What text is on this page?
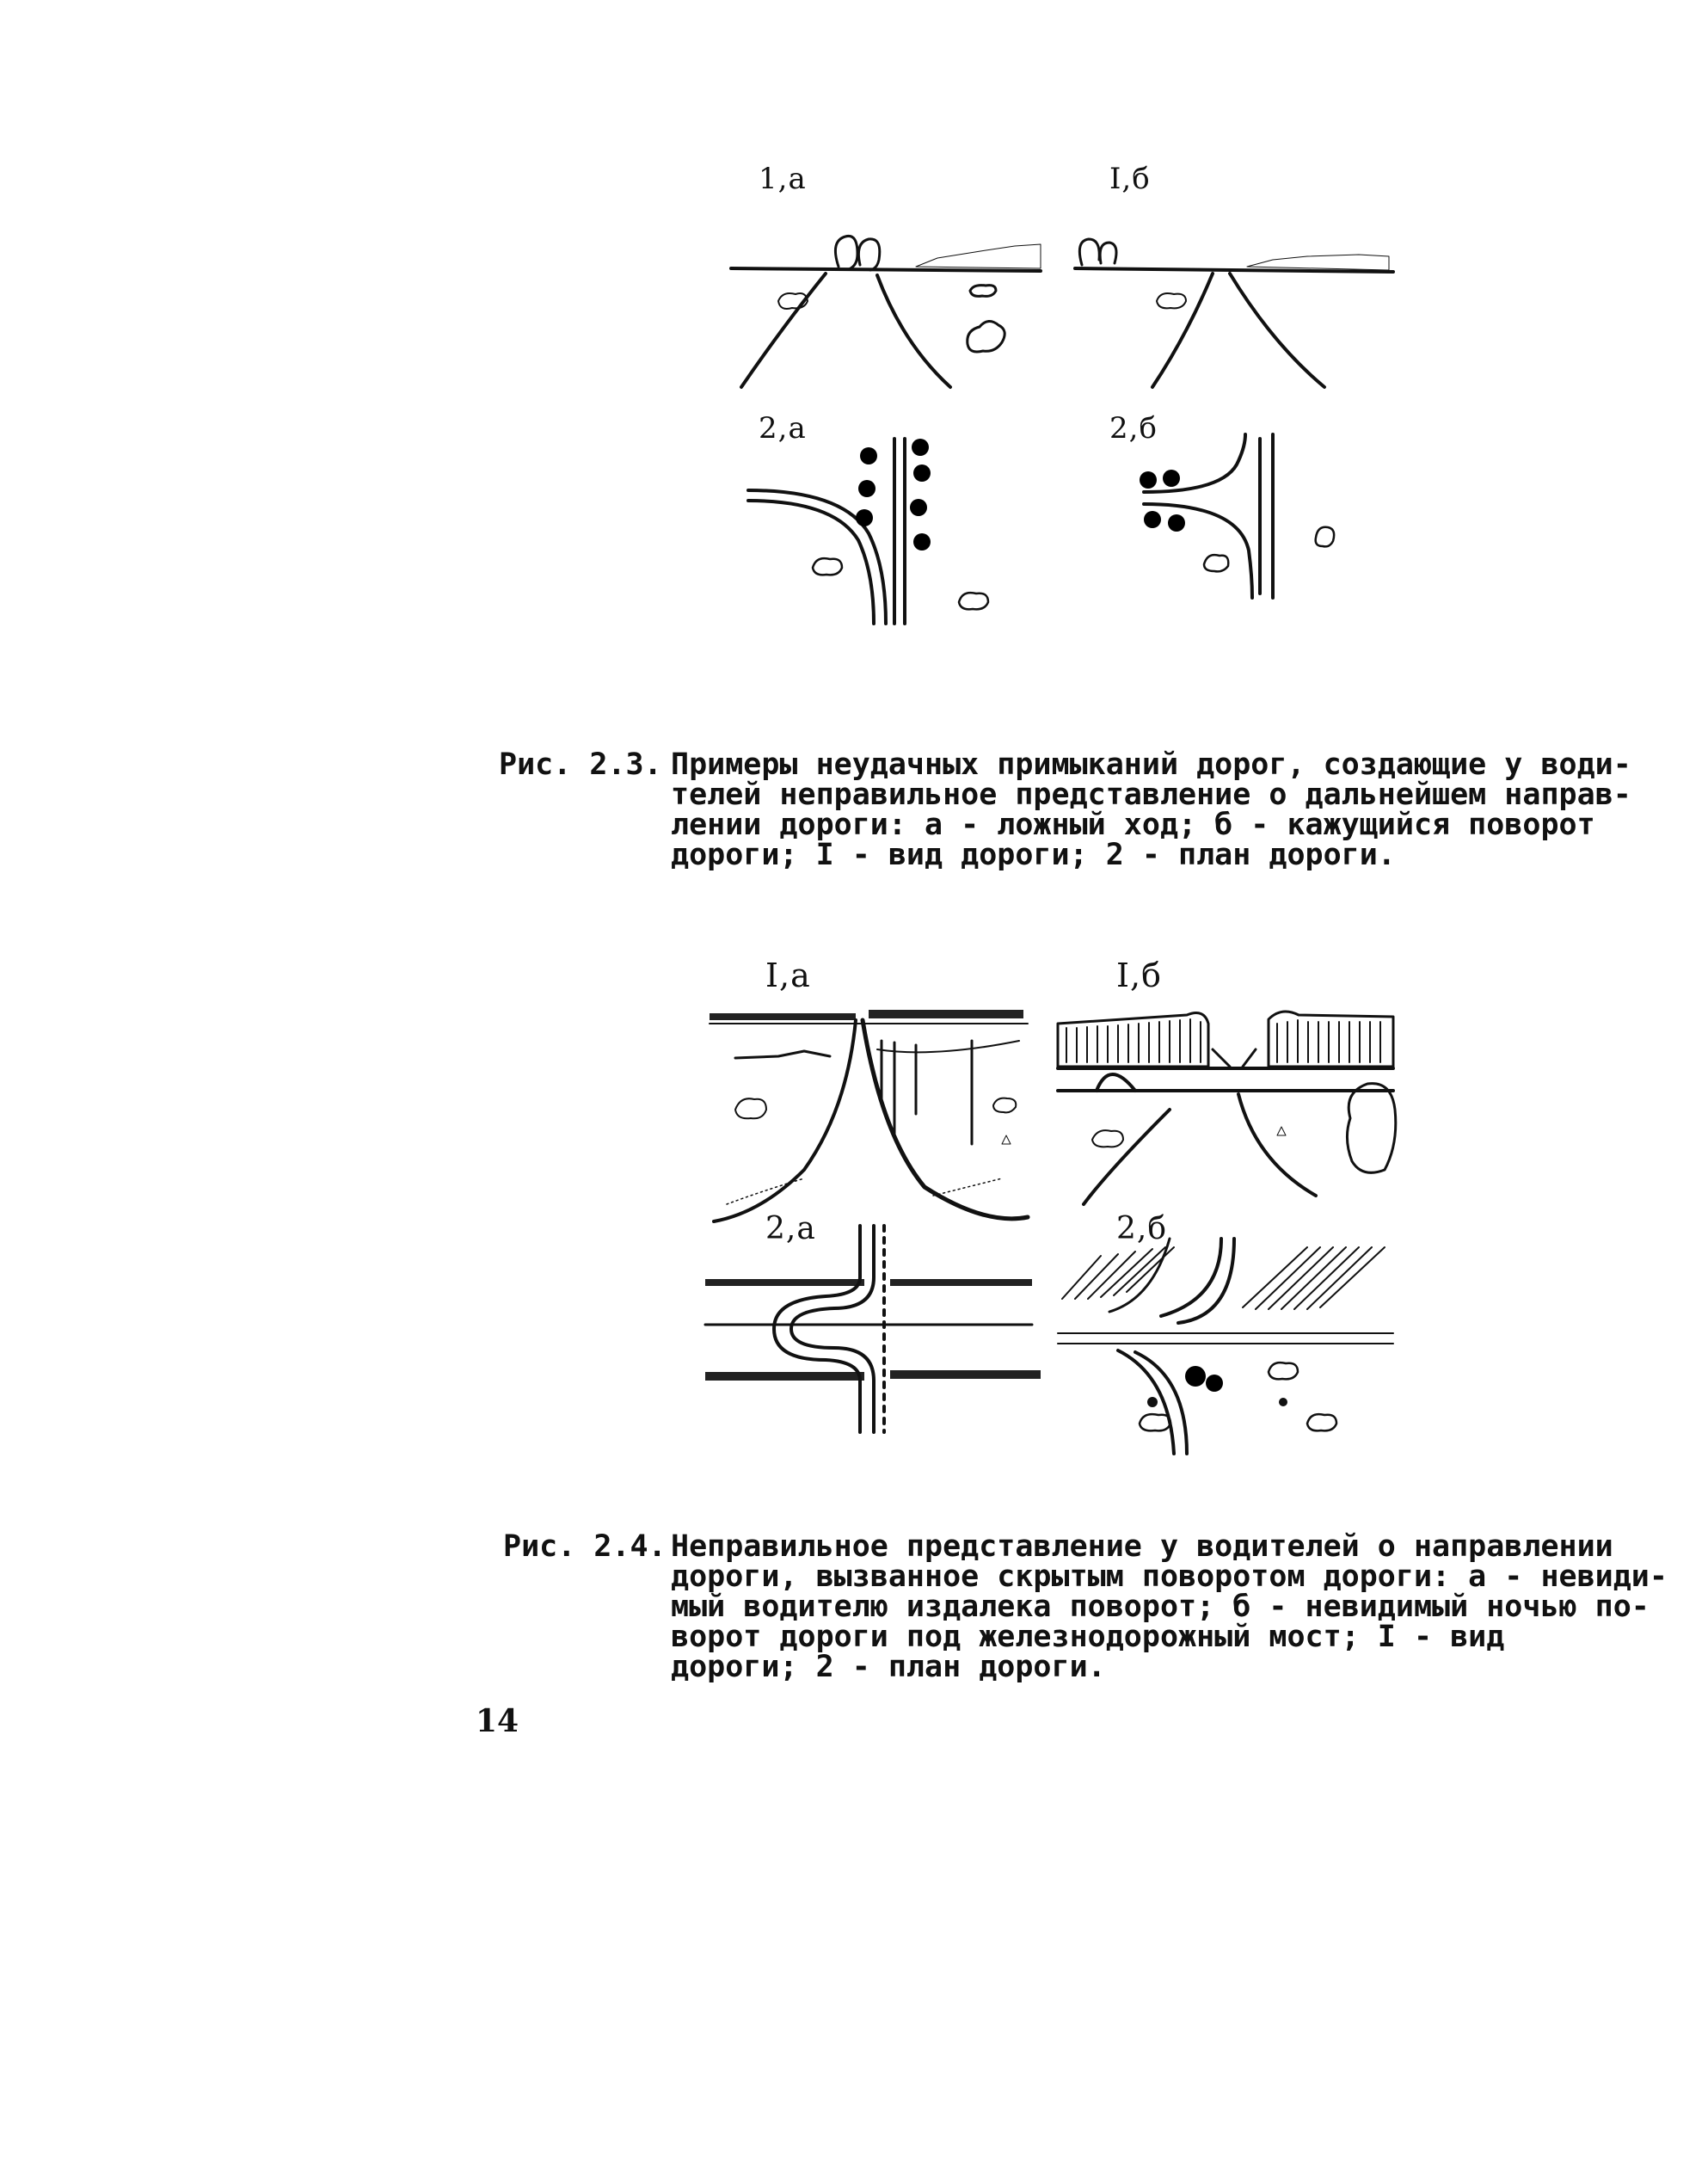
1,а	I,б
2,а	2,б
Рис. 2.3. Примеры неудачных примыканий дорог, создающие у води-
телей неправильное представление о дальнейшем направ-
лении дороги: а - ложный ход; б - кажущийся поворот
дороги; I - вид дороги; 2 - план дороги.
I,а	I,б
2,а	2,б
Рис. 2.4. Неправильное представление у водителей о направлении
дороги, вызванное скрытым поворотом дороги: а - невиди-
мый водителю издалека поворот; б - невидимый ночью по-
ворот дороги под железнодорожный мост; I - вид
дороги; 2 - план дороги.
14
